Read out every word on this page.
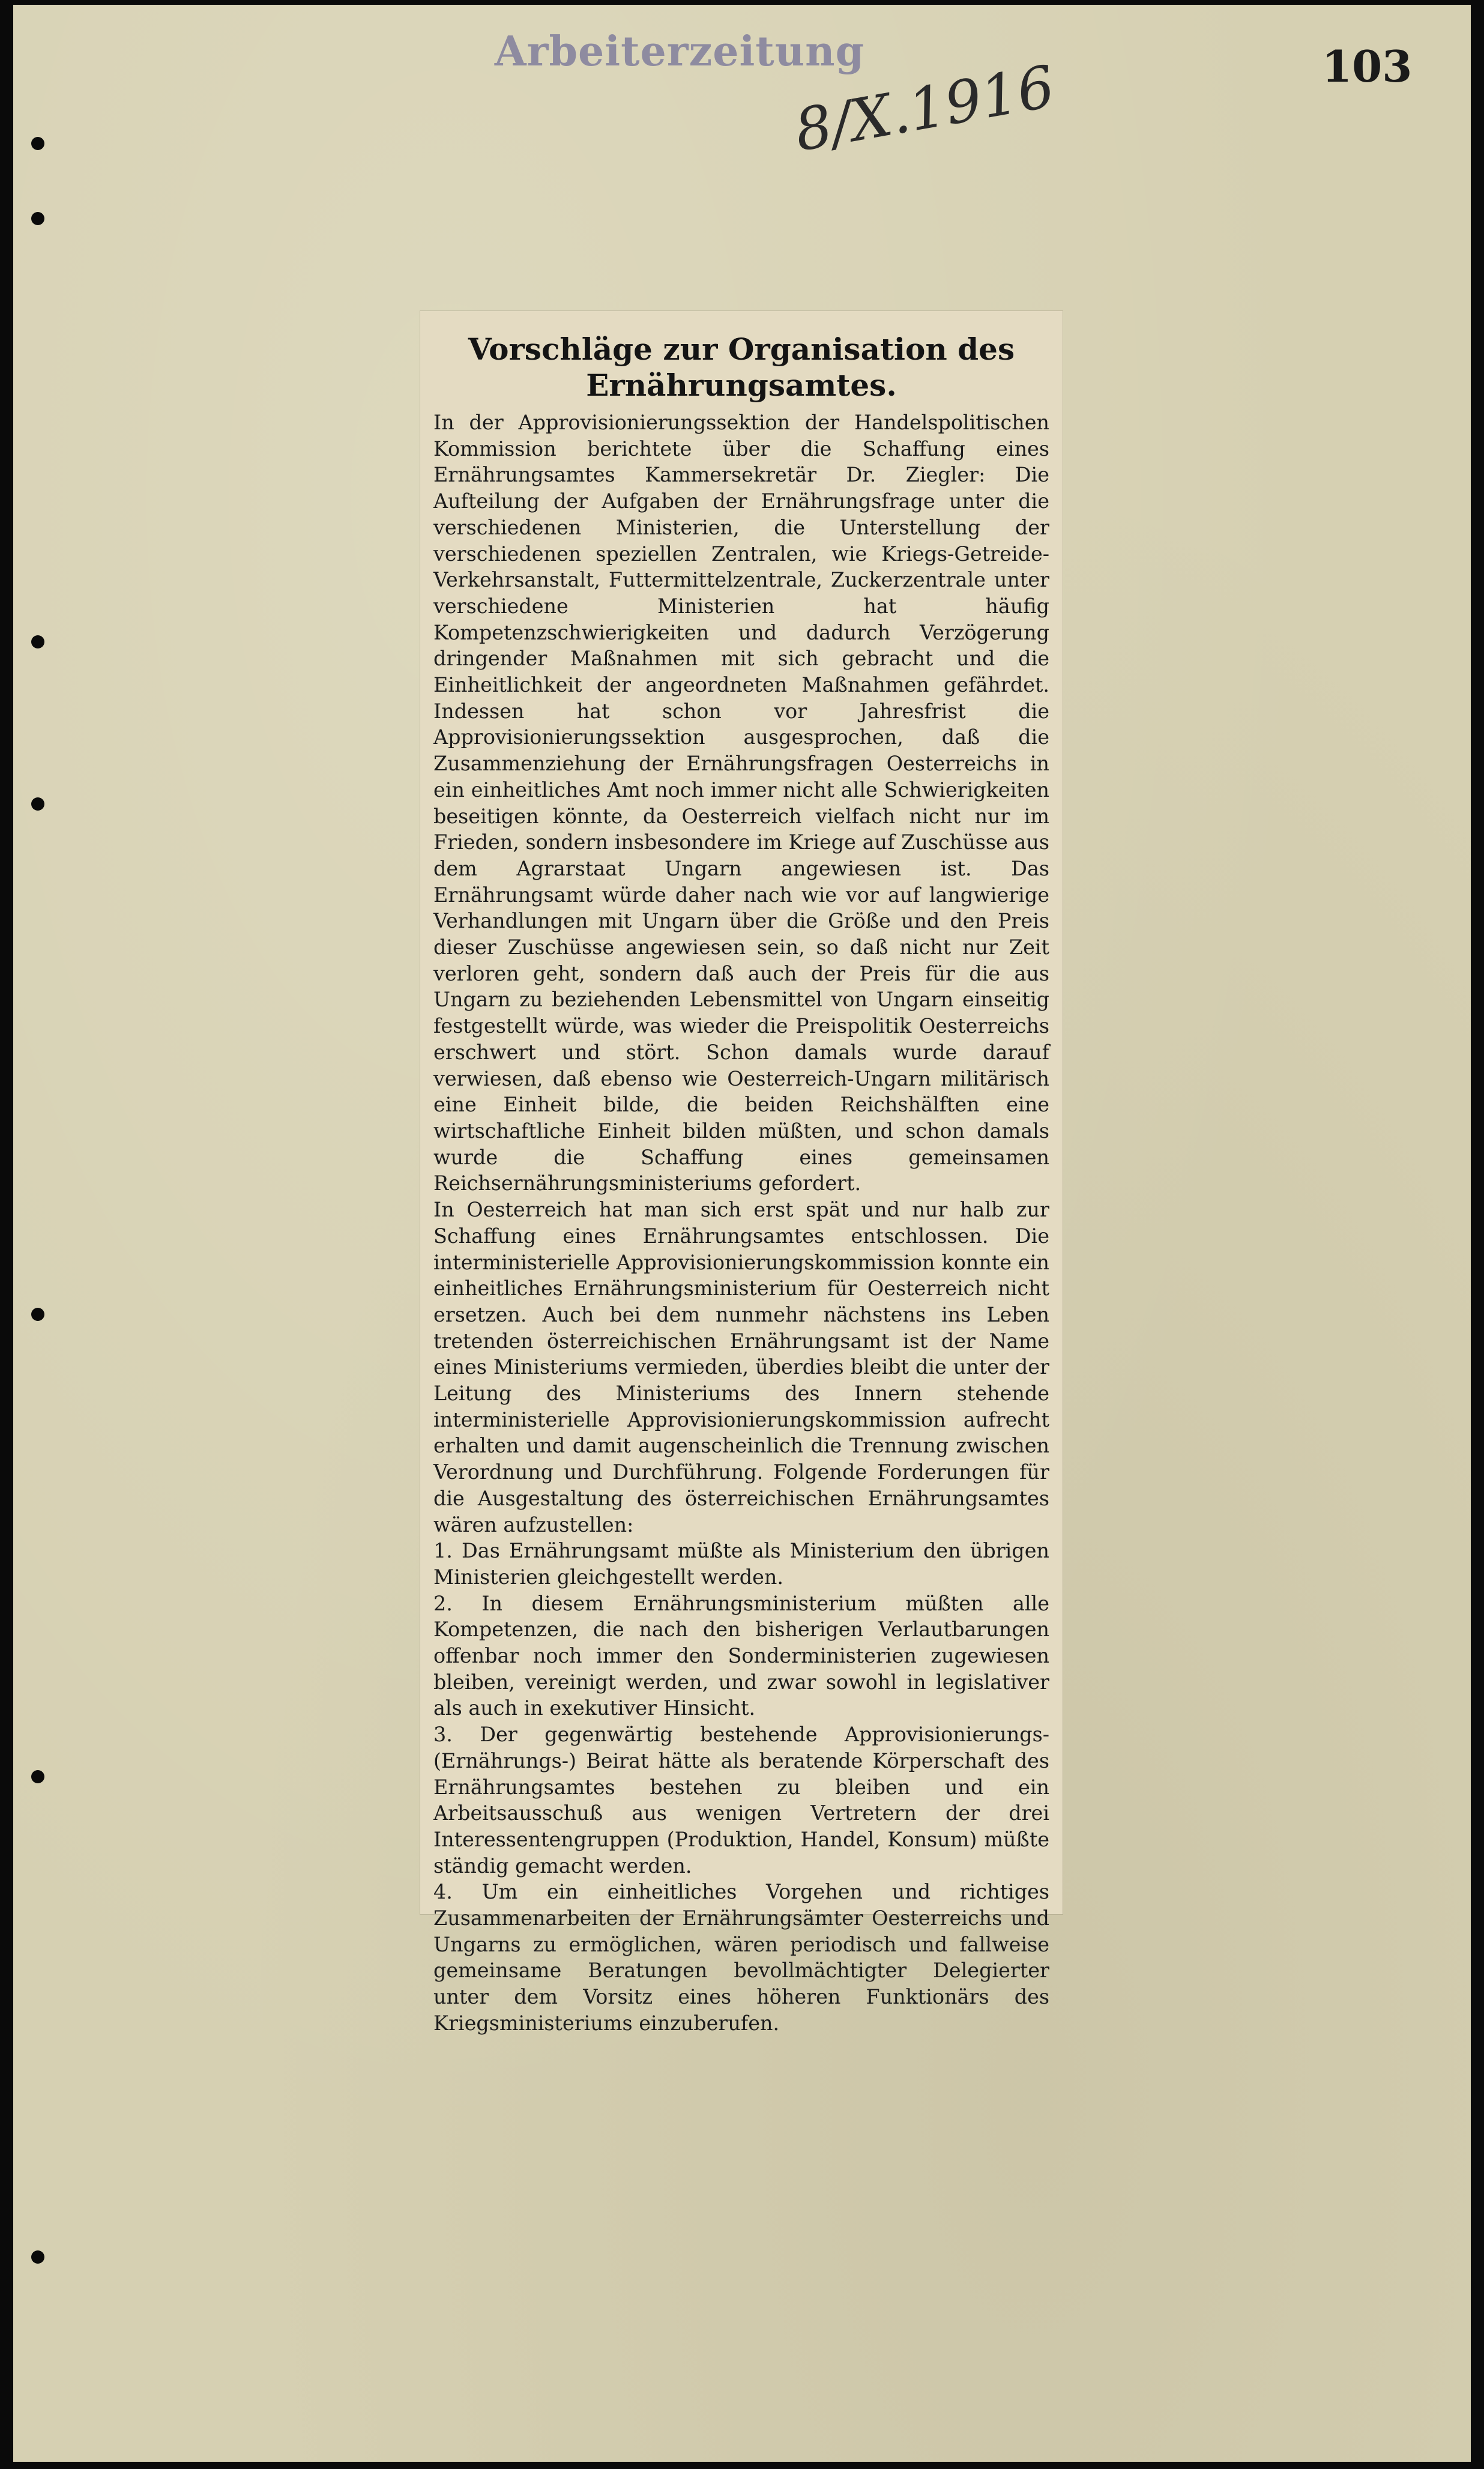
Arbeiterzeitung
8/X.1916	103
Vorschläge zur Organisation des Ernährungsamtes.

In der Approvisionierungssektion der Handelspolitischen Kommission berichtete über die Schaffung eines Ernährungsamtes Kammersekretär Dr. Ziegler: Die Aufteilung der Aufgaben der Ernährungsfrage unter die verschiedenen Ministerien, die Unterstellung der verschiedenen speziellen Zentralen, wie Kriegs-Getreide-Verkehrsanstalt, Futtermittelzentrale, Zuckerzentrale unter verschiedene Ministerien hat häufig Kompetenzschwierigkeiten und dadurch Verzögerung dringender Maßnahmen mit sich gebracht und die Einheitlichkeit der angeordneten Maßnahmen gefährdet. Indessen hat schon vor Jahresfrist die Approvisionierungssektion ausgesprochen, daß die Zusammenziehung der Ernährungsfragen Oesterreichs in ein einheitliches Amt noch immer nicht alle Schwierigkeiten beseitigen könnte, da Oesterreich vielfach nicht nur im Frieden, sondern insbesondere im Kriege auf Zuschüsse aus dem Agrarstaat Ungarn angewiesen ist. Das Ernährungsamt würde daher nach wie vor auf langwierige Verhandlungen mit Ungarn über die Größe und den Preis dieser Zuschüsse angewiesen sein, so daß nicht nur Zeit verloren geht, sondern daß auch der Preis für die aus Ungarn zu beziehenden Lebensmittel von Ungarn einseitig festgestellt würde, was wieder die Preispolitik Oesterreichs erschwert und stört. Schon damals wurde darauf verwiesen, daß ebenso wie Oesterreich-Ungarn militärisch eine Einheit bilde, die beiden Reichshälften eine wirtschaftliche Einheit bilden müßten, und schon damals wurde die Schaffung eines gemeinsamen Reichsernährungsministeriums gefordert.

In Oesterreich hat man sich erst spät und nur halb zur Schaffung eines Ernährungsamtes entschlossen. Die interministerielle Approvisionierungskommission konnte ein einheitliches Ernährungsministerium für Oesterreich nicht ersetzen. Auch bei dem nunmehr nächstens ins Leben tretenden österreichischen Ernährungsamt ist der Name eines Ministeriums vermieden, überdies bleibt die unter der Leitung des Ministeriums des Innern stehende interministerielle Approvisionierungskommission aufrecht erhalten und damit augenscheinlich die Trennung zwischen Verordnung und Durchführung. Folgende Forderungen für die Ausgestaltung des österreichischen Ernährungsamtes wären aufzustellen:

1. Das Ernährungsamt müßte als Ministerium den übrigen Ministerien gleichgestellt werden.

2. In diesem Ernährungsministerium müßten alle Kompetenzen, die nach den bisherigen Verlautbarungen offenbar noch immer den Sonderministerien zugewiesen bleiben, vereinigt werden, und zwar sowohl in legislativer als auch in exekutiver Hinsicht.

3. Der gegenwärtig bestehende Approvisionierungs- (Ernährungs-) Beirat hätte als beratende Körperschaft des Ernährungsamtes bestehen zu bleiben und ein Arbeitsausschuß aus wenigen Vertretern der drei Interessentengruppen (Produktion, Handel, Konsum) müßte ständig gemacht werden.

4. Um ein einheitliches Vorgehen und richtiges Zusammenarbeiten der Ernährungsämter Oesterreichs und Ungarns zu ermöglichen, wären periodisch und fallweise gemeinsame Beratungen bevollmächtigter Delegierter unter dem Vorsitz eines höheren Funktionärs des Kriegsministeriums einzuberufen.
